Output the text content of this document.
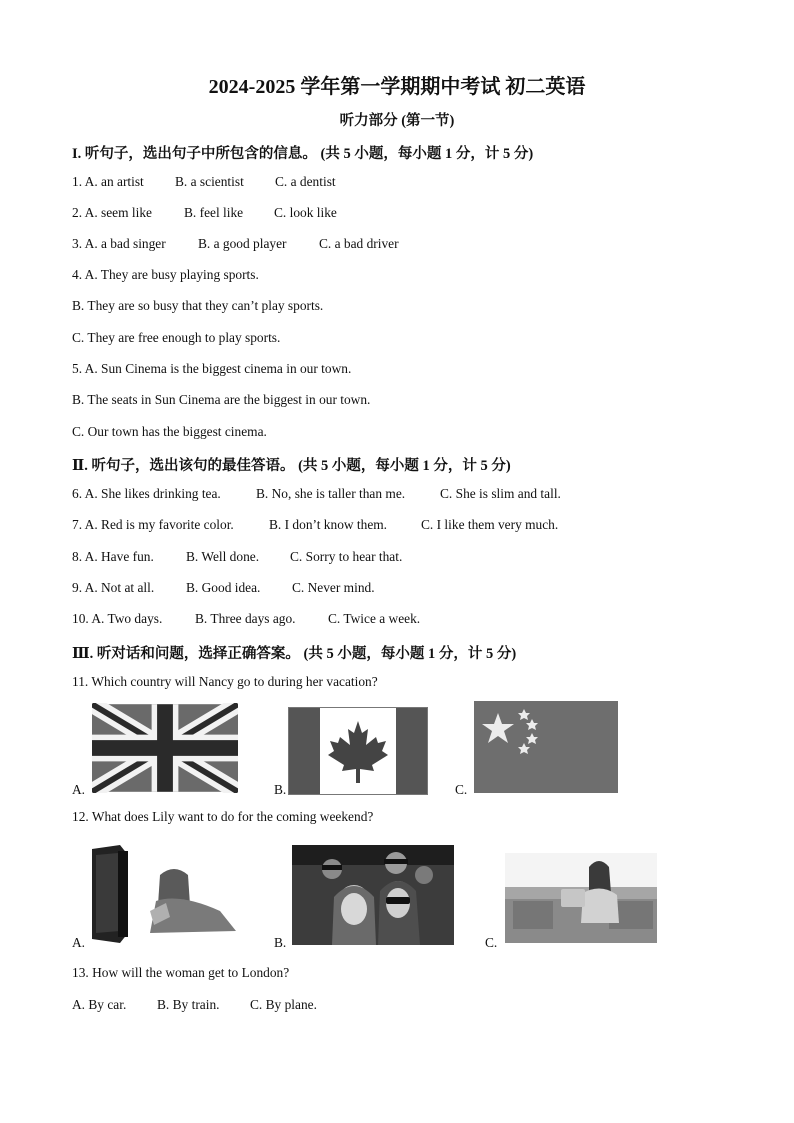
2024-2025 学年第一学期期中考试 初二英语
听力部分 (第一节)
I. 听句子，选出句子中所包含的信息。 (共 5 小题，每小题 1 分，计 5 分)
1. A. an artist B. a scientist C. a dentist
2. A. seem like B. feel like C. look like
3. A. a bad singer B. a good player C. a bad driver
4. A. They are busy playing sports.
B. They are so busy that they can’t play sports.
C. They are free enough to play sports.
5. A. Sun Cinema is the biggest cinema in our town.
B. The seats in Sun Cinema are the biggest in our town.
C. Our town has the biggest cinema.
Ⅱ. 听句子，选出该句的最佳答语。 (共 5 小题，每小题 1 分，计 5 分)
6. A. She likes drinking tea.	B. No, she is taller than me.	C. She is slim and tall.
7. A. Red is my favorite color.	B. I don’t know them.	C. I like them very much.
8. A. Have fun. B. Well done. C. Sorry to hear that.
9. A. Not at all. B. Good idea. C. Never mind.
10. A. Two days. B. Three days ago. C. Twice a week.
Ⅲ. 听对话和问题，选择正确答案。 (共 5 小题，每小题 1 分，计 5 分)
11. Which country will Nancy go to during her vacation?
A.	B.	C.
12. What does Lily want to do for the coming weekend?
A.	B.	C.
13. How will the woman get to London?
A. By car. B. By train. C. By plane.
